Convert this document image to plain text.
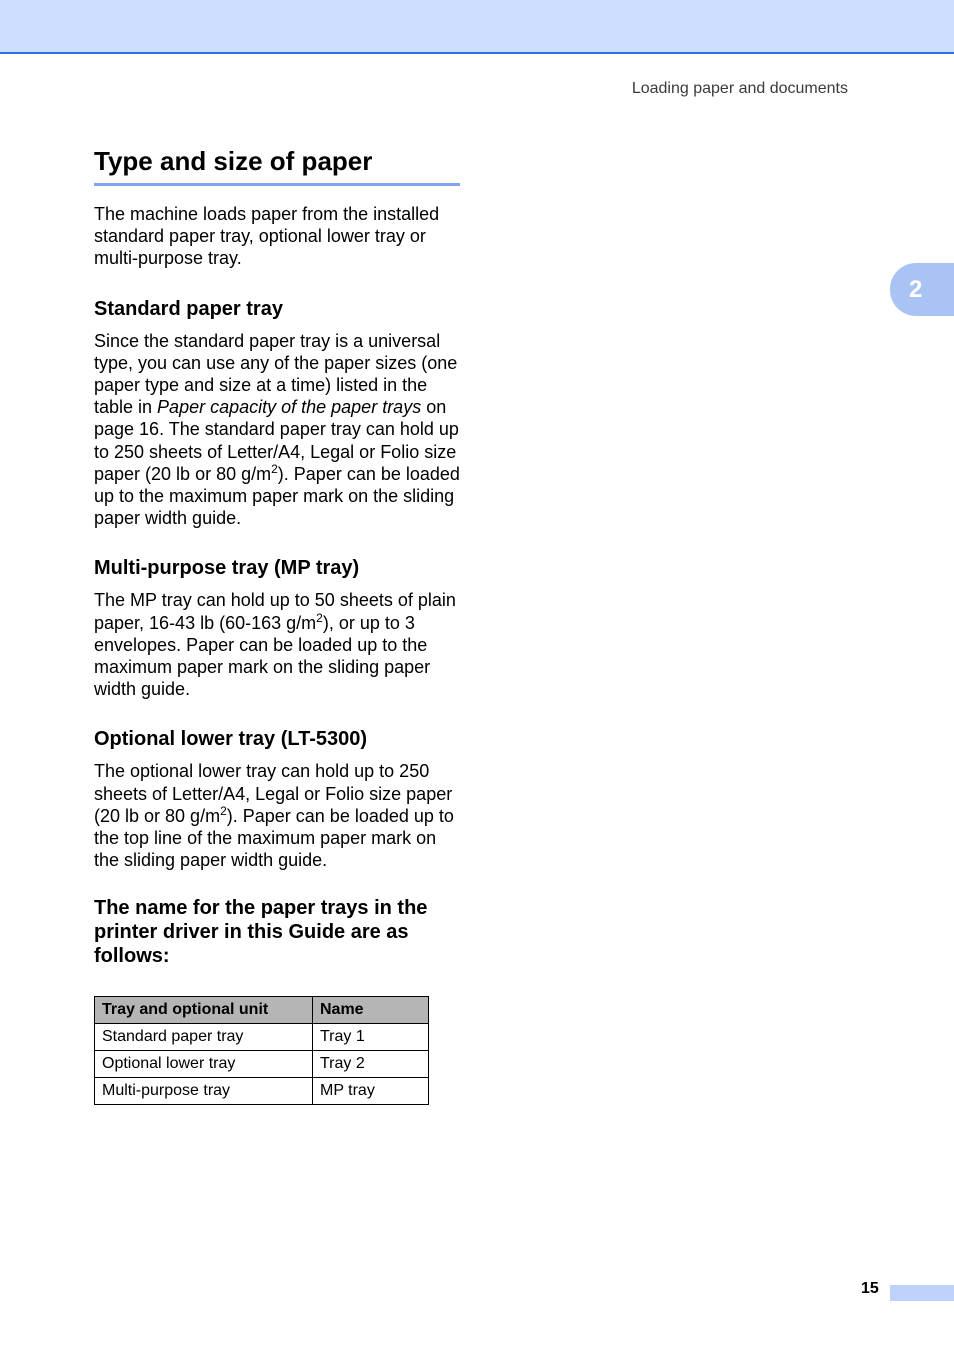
Loading paper and documents
2
Type and size of paper

The machine loads paper from the installed standard paper tray, optional lower tray or multi-purpose tray.

Standard paper tray

Since the standard paper tray is a universal type, you can use any of the paper sizes (one paper type and size at a time) listed in the table in Paper capacity of the paper trays on page 16. The standard paper tray can hold up to 250 sheets of Letter/A4, Legal or Folio size paper (20 lb or 80 $g/m^2$). Paper can be loaded up to the maximum paper mark on the sliding paper width guide.

Multi-purpose tray (MP tray)

The MP tray can hold up to 50 sheets of plain paper, 16-43 lb (60-163 $g/m^2$), or up to 3 envelopes. Paper can be loaded up to the maximum paper mark on the sliding paper width guide.

Optional lower tray (LT-5300)

The optional lower tray can hold up to 250 sheets of Letter/A4, Legal or Folio size paper (20 lb or 80 $g/m^2$). Paper can be loaded up to the top line of the maximum paper mark on the sliding paper width guide.

The name for the paper trays in the printer driver in this Guide are as follows:
Tray and optional unit	Name
Standard paper tray	Tray 1
Optional lower tray	Tray 2
Multi-purpose tray	MP tray
15
